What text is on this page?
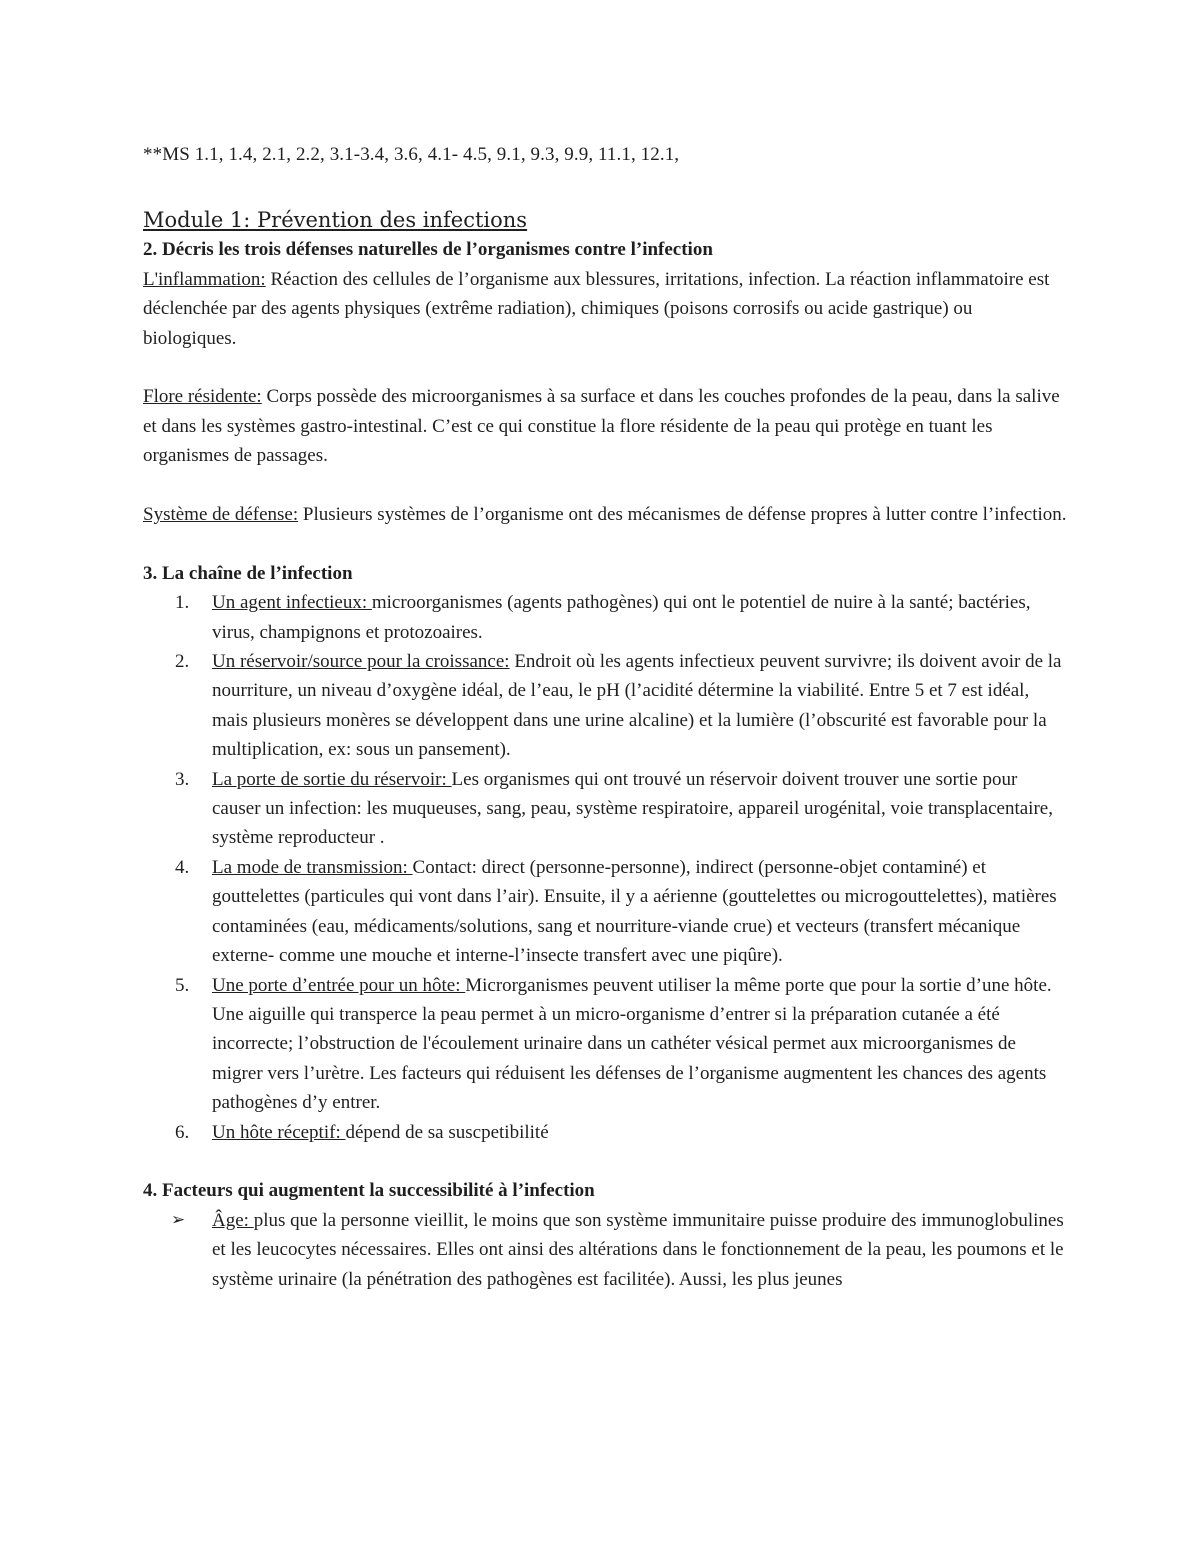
**MS 1.1, 1.4, 2.1, 2.2, 3.1-3.4, 3.6, 4.1- 4.5, 9.1, 9.3, 9.9, 11.1, 12.1,

Module 1: Prévention des infections

2. Décris les trois défenses naturelles de l’organismes contre l’infection

L'inflammation: Réaction des cellules de l’organisme aux blessures, irritations, infection. La réaction inflammatoire est déclenchée par des agents physiques (extrême radiation), chimiques (poisons corrosifs ou acide gastrique) ou biologiques.

Flore résidente: Corps possède des microorganismes à sa surface et dans les couches profondes de la peau, dans la salive et dans les systèmes gastro-intestinal. C’est ce qui constitue la flore résidente de la peau qui protège en tuant les organismes de passages.

Système de défense: Plusieurs systèmes de l’organisme ont des mécanismes de défense propres à lutter contre l’infection.

3. La chaîne de l’infection

1.	Un agent infectieux: microorganismes (agents pathogènes) qui ont le potentiel de nuire à la santé; bactéries, virus, champignons et protozoaires.
2.	Un réservoir/source pour la croissance: Endroit où les agents infectieux peuvent survivre; ils doivent avoir de la nourriture, un niveau d’oxygène idéal, de l’eau, le pH (l’acidité détermine la viabilité. Entre 5 et 7 est idéal, mais plusieurs monères se développent dans une urine alcaline) et la lumière (l’obscurité est favorable pour la multiplication, ex: sous un pansement).
3.	La porte de sortie du réservoir: Les organismes qui ont trouvé un réservoir doivent trouver une sortie pour causer un infection: les muqueuses, sang, peau, système respiratoire, appareil urogénital, voie transplacentaire, système reproducteur .
4.	La mode de transmission: Contact: direct (personne-personne), indirect (personne-objet contaminé) et gouttelettes (particules qui vont dans l’air). Ensuite, il y a aérienne (gouttelettes ou microgouttelettes), matières contaminées (eau, médicaments/solutions, sang et nourriture-viande crue) et vecteurs (transfert mécanique externe- comme une mouche et interne-l’insecte transfert avec une piqûre).
5.	Une porte d’entrée pour un hôte: Microrganismes peuvent utiliser la même porte que pour la sortie d’une hôte. Une aiguille qui transperce la peau permet à un micro-organisme d’entrer si la préparation cutanée a été incorrecte; l’obstruction de l'écoulement urinaire dans un cathéter vésical permet aux microorganismes de migrer vers l’urètre. Les facteurs qui réduisent les défenses de l’organisme augmentent les chances des agents pathogènes d’y entrer.
6.	Un hôte réceptif: dépend de sa suscpetibilité

4. Facteurs qui augmentent la successibilité à l’infection

➢ Âge: plus que la personne vieillit, le moins que son système immunitaire puisse produire des immunoglobulines et les leucocytes nécessaires. Elles ont ainsi des altérations dans le fonctionnement de la peau, les poumons et le système urinaire (la pénétration des pathogènes est facilitée). Aussi, les plus jeunes
